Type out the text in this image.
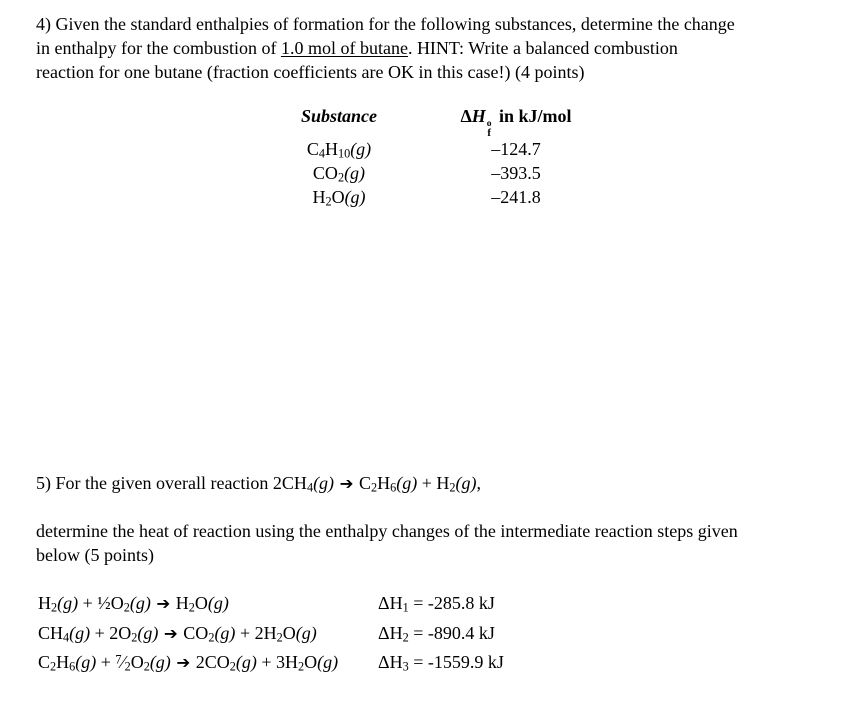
4) Given the standard enthalpies of formation for the following substances, determine the change
in enthalpy for the combustion of 1.0 mol of butane. HINT: Write a balanced combustion
reaction for one butane (fraction coefficients are OK in this case!) (4 points)
Substance	ΔH o
f
in kJ/mol
$C_4H_{10}(g)$	–124.7
$CO_2(g)$	–393.5
$H_2O(g)$	–241.8
5) For the given overall reaction $2CH_4(g)$ ➔ $C_2H_6(g) + H_2(g)$,
determine the heat of reaction using the enthalpy changes of the intermediate reaction steps given
below (5 points)
$H_2(g)$ + $\frac{1}{2}O_2(g)$ ➔ $H_2O(g)$	$\Delta H_1 = -285.8$ kJ
$CH_4(g) + 2O_2(g)$ ➔ $CO_2(g) + 2H_2O(g)$	$\Delta H_2 = -890.4$ kJ
$C_2H_6(g)$ + $^7⁄_2O_2(g)$ ➔ $2CO_2(g) + 3H_2O(g)$	$\Delta H_3 = -1559.9$ kJ
